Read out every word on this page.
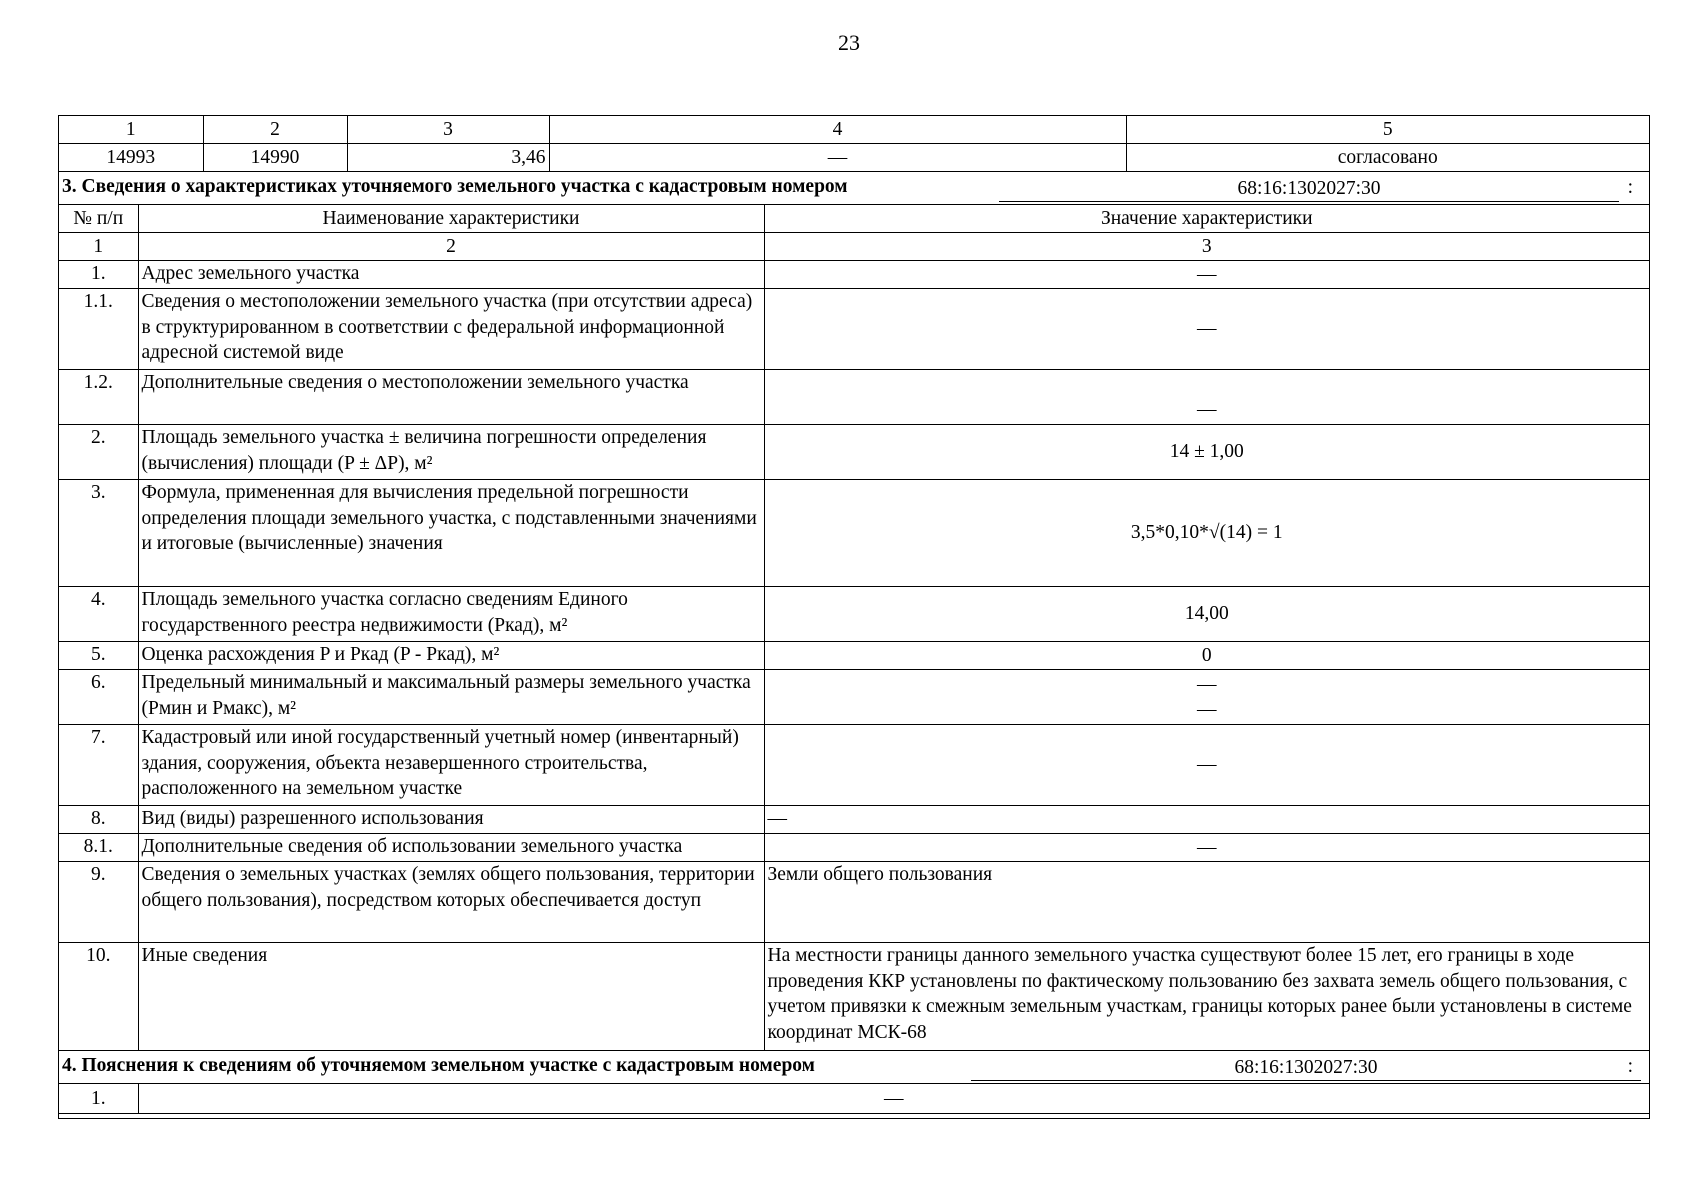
23
1	2	3	4	5
14993	14990	3,46	—	согласовано
3. Сведения о характеристиках уточняемого земельного участка с кадастровым номером	68:16:1302027:30	:
№ п/п	Наименование характеристики	Значение характеристики
1	2	3
1.	Адрес земельного участка	—
1.1.	Сведения о местоположении земельного участка (при отсутствии адреса) в структурированном в соответствии с федеральной информационной адресной системой виде	—
1.2.	Дополнительные сведения о местоположении земельного участка	—
2.	Площадь земельного участка ± величина погрешности определения (вычисления) площади (P ± ΔP), м²	14 ± 1,00
3.	Формула, примененная для вычисления предельной погрешности определения площади земельного участка, с подставленными значениями и итоговые (вычисленные) значения	3,5*0,10*√(14) = 1
4.	Площадь земельного участка согласно сведениям Единого государственного реестра недвижимости (Pкад), м²	14,00
5.	Оценка расхождения P и Pкад (P - Pкад), м²	0
6.	Предельный минимальный и максимальный размеры земельного участка (Pмин и Pмакс), м²	—
—

7.	Кадастровый или иной государственный учетный номер (инвентарный) здания, сооружения, объекта незавершенного строительства, расположенного на земельном участке	—
8.	Вид (виды) разрешенного использования	—
8.1.	Дополнительные сведения об использовании земельного участка	—
9.	Сведения о земельных участках (землях общего пользования, территории общего пользования), посредством которых обеспечивается доступ	Земли общего пользования
10.	Иные сведения	На местности границы данного земельного участка существуют более 15 лет, его границы в ходе проведения ККР установлены по фактическому пользованию без захвата земель общего пользования, с учетом привязки к смежным земельным участкам, границы которых ранее были установлены в системе координат МСК-68
4. Пояснения к сведениям об уточняемом земельном участке с кадастровым номером	68:16:1302027:30	:
1.	—
